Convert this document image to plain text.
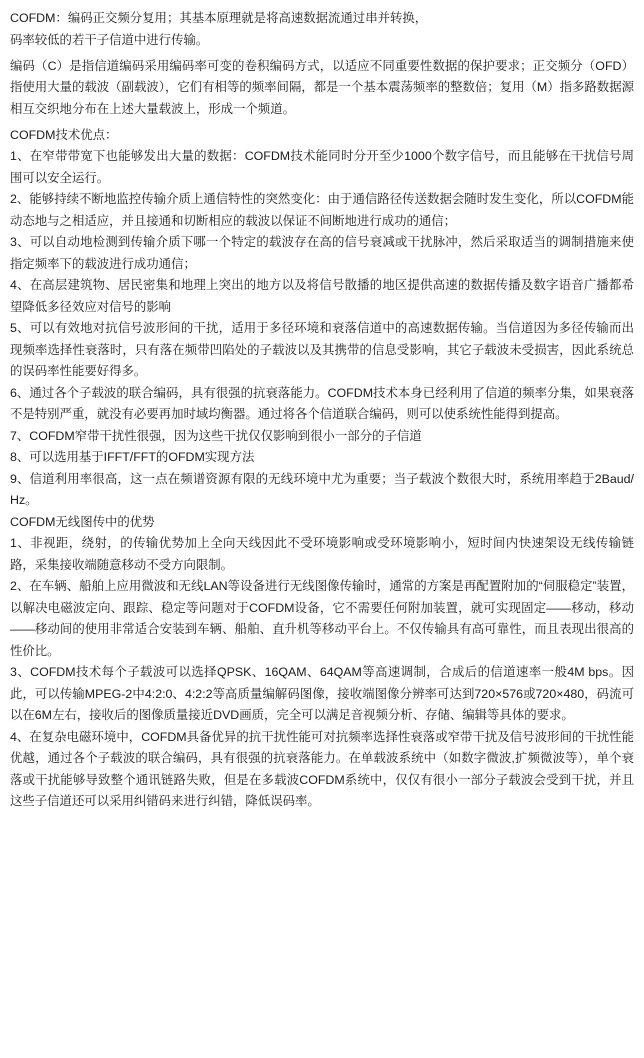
COFDM：编码正交频分复用；其基本原理就是将高速数据流通过串并转换，

码率较低的若干子信道中进行传输。

编码（C）是指信道编码采用编码率可变的卷积编码方式，以适应不同重要性数据的保护要求；正交频分（OFD）指使用大量的载波（副载波），它们有相等的频率间隔，都是一个基本震荡频率的整数倍；复用（M）指多路数据源相互交织地分布在上述大量载波上，形成一个频道。

COFDM技术优点：

1、在窄带带宽下也能够发出大量的数据：COFDM技术能同时分开至少1000个数字信号，而且能够在干扰信号周围可以安全运行。

2、能够持续不断地监控传输介质上通信特性的突然变化：由于通信路径传送数据会随时发生变化，所以COFDM能动态地与之相适应，并且接通和切断相应的载波以保证不间断地进行成功的通信；

3、可以自动地检测到传输介质下哪一个特定的载波存在高的信号衰减或干扰脉冲，然后采取适当的调制措施来使指定频率下的载波进行成功通信；

4、在高层建筑物、居民密集和地理上突出的地方以及将信号散播的地区提供高速的数据传播及数字语音广播都希望降低多径效应对信号的影响

5、可以有效地对抗信号波形间的干扰，适用于多径环境和衰落信道中的高速数据传输。当信道因为多径传输而出现频率选择性衰落时，只有落在频带凹陷处的子载波以及其携带的信息受影响，其它子载波未受损害，因此系统总的误码率性能要好得多。

6、通过各个子载波的联合编码，具有很强的抗衰落能力。COFDM技术本身已经利用了信道的频率分集，如果衰落不是特别严重，就没有必要再加时域均衡器。通过将各个信道联合编码，则可以使系统性能得到提高。

7、COFDM窄带干扰性很强，因为这些干扰仅仅影响到很小一部分的子信道

8、可以选用基于IFFT/FFT的OFDM实现方法

9、信道利用率很高，这一点在频谱资源有限的无线环境中尤为重要；当子载波个数很大时，系统用率趋于2Baud/Hz。

COFDM无线图传中的优势

1、非视距，绕射，的传输优势加上全向天线因此不受环境影响或受环境影响小，短时间内快速架设无线传输链路，采集接收端随意移动不受方向限制。

2、在车辆、船舶上应用微波和无线LAN等设备进行无线图像传输时，通常的方案是再配置附加的“伺服稳定”装置，以解决电磁波定向、跟踪、稳定等问题对于COFDM设备，它不需要任何附加装置，就可实现固定——移动，移动——移动间的使用非常适合安装到车辆、船舶、直升机等移动平台上。不仅传输具有高可靠性，而且表现出很高的性价比。

3、COFDM技术每个子载波可以选择QPSK、16QAM、64QAM等高速调制，合成后的信道速率一般4M bps。因此，可以传输MPEG-2中4:2:0、4:2:2等高质量编解码图像，接收端图像分辨率可达到720×576或720×480，码流可以在6M左右，接收后的图像质量接近DVD画质，完全可以满足音视频分析、存储、编辑等具体的要求。

4、在复杂电磁环境中，COFDM具备优异的抗干扰性能可对抗频率选择性衰落或窄带干扰及信号波形间的干扰性能优越，通过各个子载波的联合编码，具有很强的抗衰落能力。在单载波系统中（如数字微波,扩频微波等），单个衰落或干扰能够导致整个通讯链路失败，但是在多载波COFDM系统中，仅仅有很小一部分子载波会受到干扰，并且这些子信道还可以采用纠错码来进行纠错，降低误码率。
